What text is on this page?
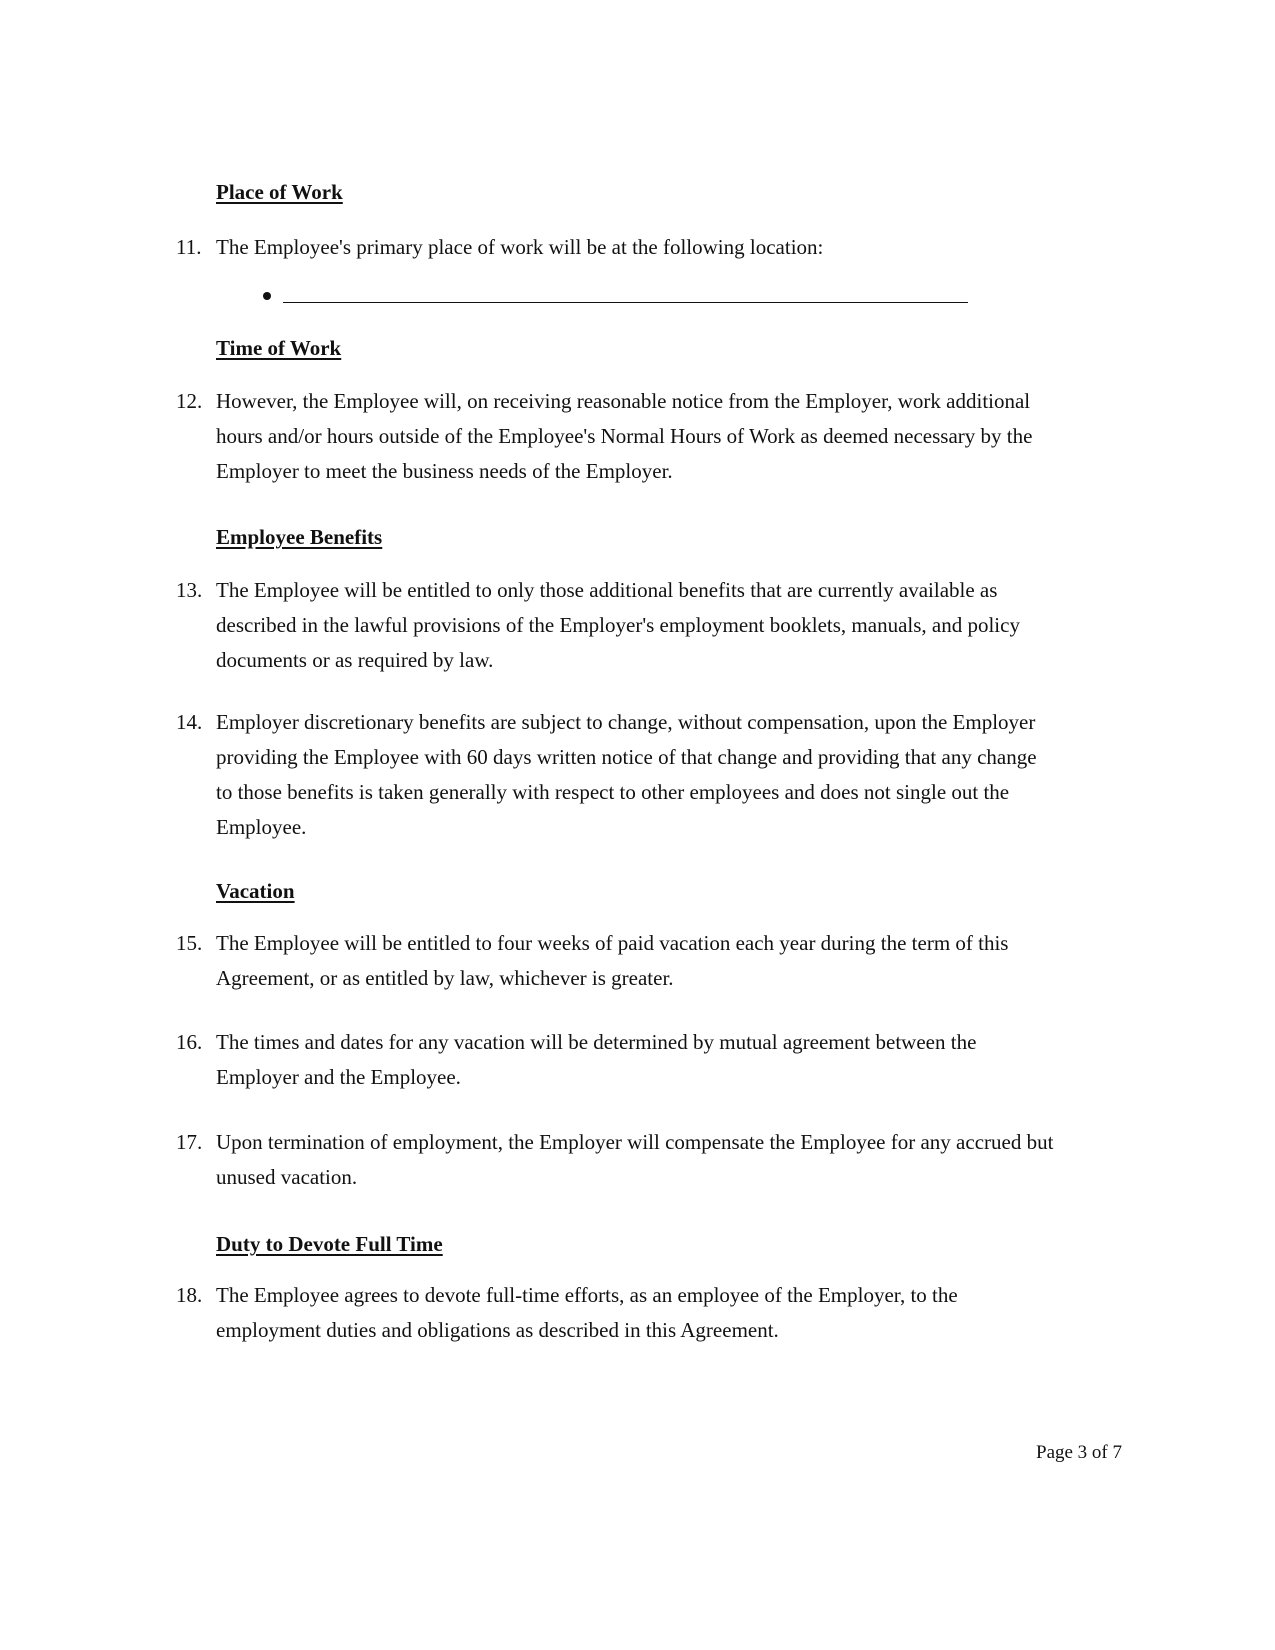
Place of Work

11. The Employee's primary place of work will be at the following location:

Time of Work

12. However, the Employee will, on receiving reasonable notice from the Employer, work additional
hours and/or hours outside of the Employee's Normal Hours of Work as deemed necessary by the
Employer to meet the business needs of the Employer.

Employee Benefits

13. The Employee will be entitled to only those additional benefits that are currently available as
described in the lawful provisions of the Employer's employment booklets, manuals, and policy
documents or as required by law.

14. Employer discretionary benefits are subject to change, without compensation, upon the Employer
providing the Employee with 60 days written notice of that change and providing that any change
to those benefits is taken generally with respect to other employees and does not single out the
Employee.

Vacation

15. The Employee will be entitled to four weeks of paid vacation each year during the term of this
Agreement, or as entitled by law, whichever is greater.

16. The times and dates for any vacation will be determined by mutual agreement between the
Employer and the Employee.

17. Upon termination of employment, the Employer will compensate the Employee for any accrued but
unused vacation.

Duty to Devote Full Time

18. The Employee agrees to devote full-time efforts, as an employee of the Employer, to the
employment duties and obligations as described in this Agreement.

Page 3 of 7
